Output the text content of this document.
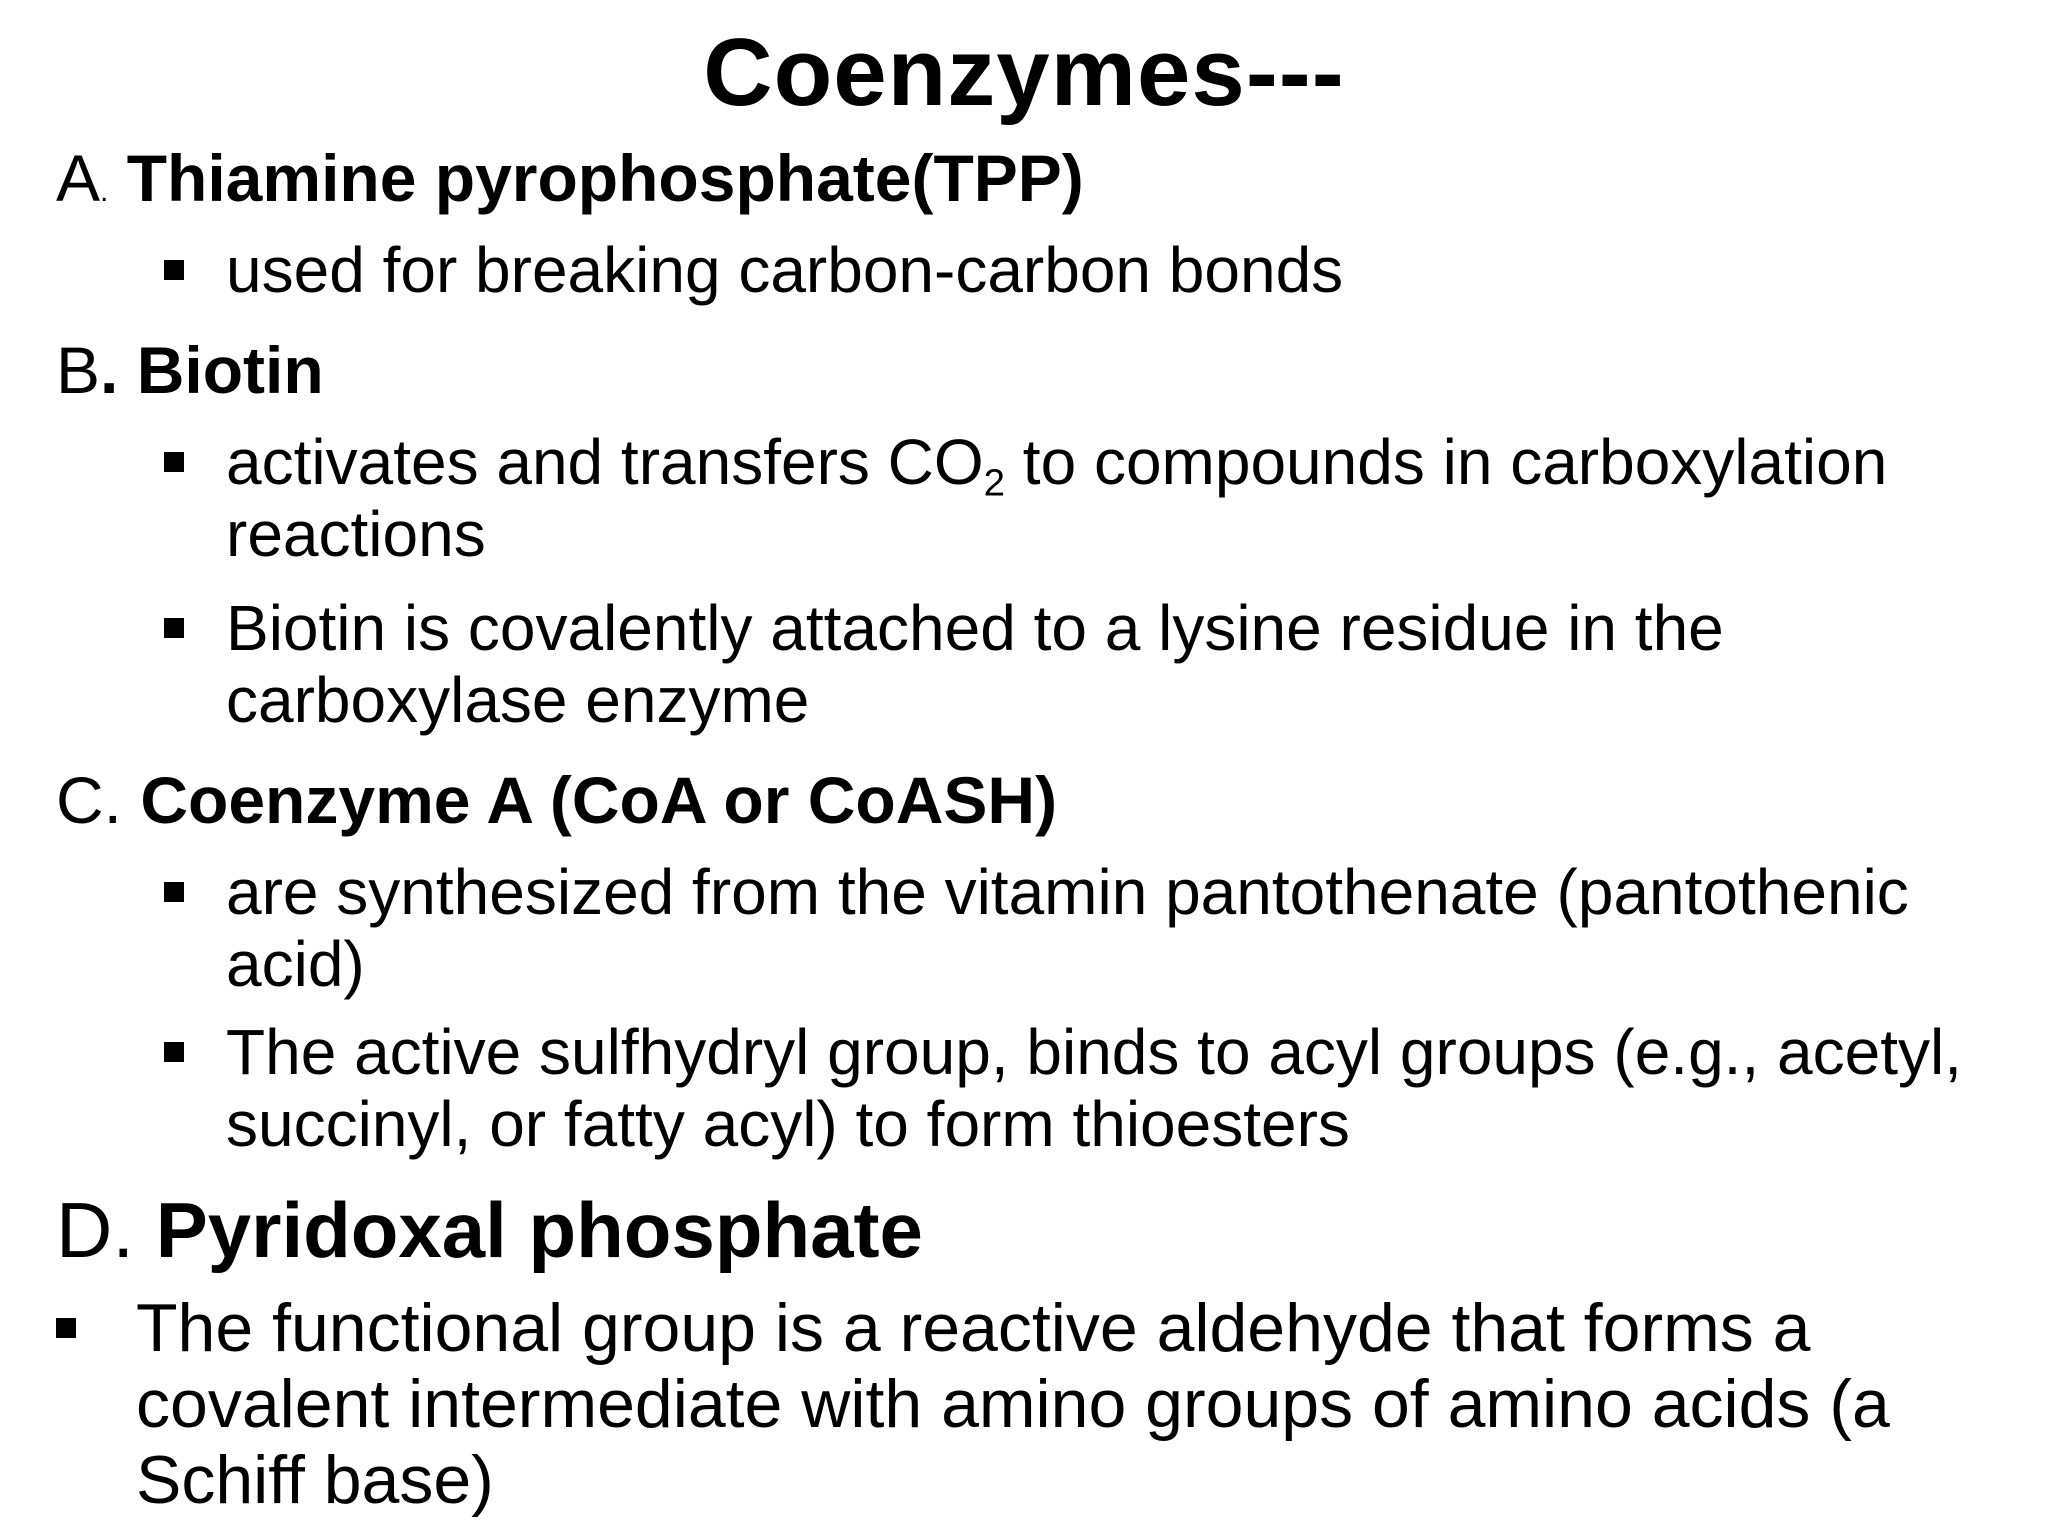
Coenzymes---
A. Thiamine pyrophosphate(TPP)
used for breaking carbon-carbon bonds
B. Biotin
activates and transfers $CO_2$ to compounds in carboxylation reactions
Biotin is covalently attached to a lysine residue in the carboxylase enzyme
C. Coenzyme A (CoA or CoASH)
are synthesized from the vitamin pantothenate (pantothenic acid)
The active sulfhydryl group, binds to acyl groups (e.g., acetyl, succinyl, or fatty acyl) to form thioesters
D. Pyridoxal phosphate
The functional group is a reactive aldehyde that forms a covalent intermediate with amino groups of amino acids (a Schiff base)
